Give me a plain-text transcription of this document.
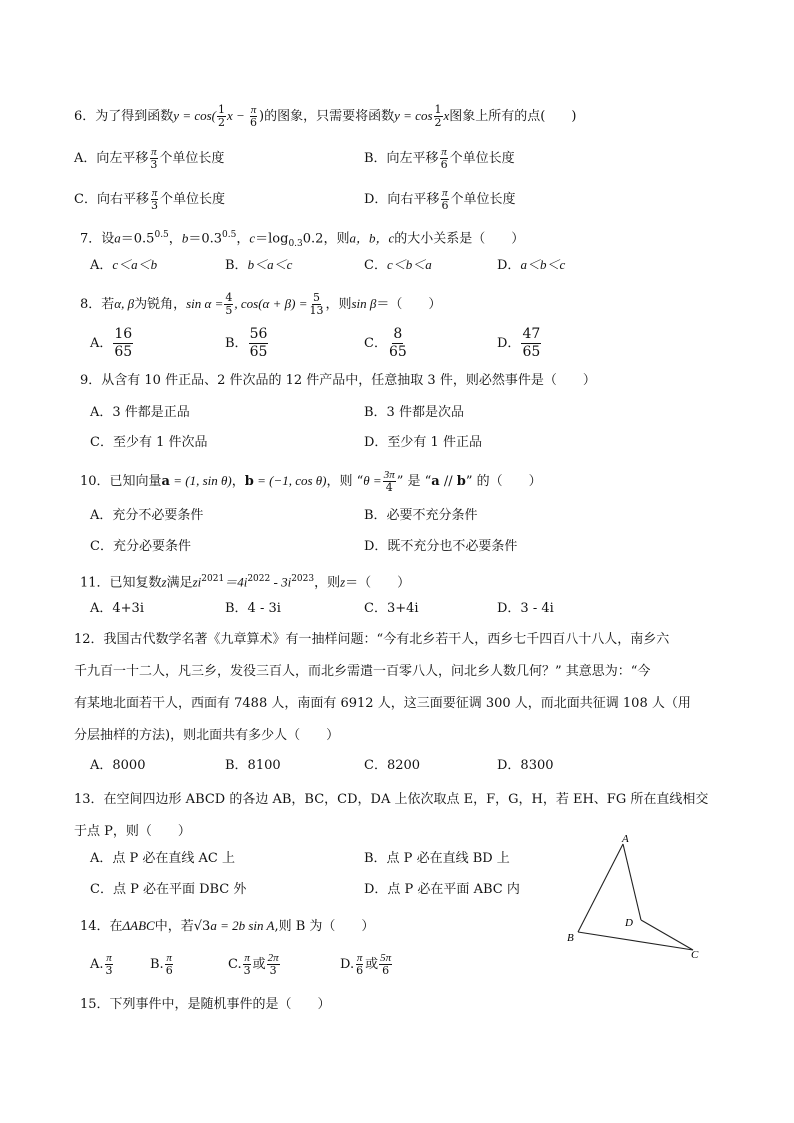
6．为了得到函数$y = \cos( \frac{1}{2}$ $x - \frac{\pi}{6}$ )的图象，只需要将函数$y = \cos \frac{1}{2}$ x图象上所有的点(　　)
A．向左平移 $\frac{\pi}{3}$ 个单位长度	B．向左平移 $\frac{\pi}{6}$ 个单位长度
C．向右平移 $\frac{\pi}{3}$ 个单位长度	D．向右平移 $\frac{\pi}{6}$ 个单位长度
7．设$a=0.5^{0.5}$，$b=0.3^{0.5}$，$c=\log_{0.3}0.2$，则a，b，c的大小关系是（　　）
A．c＜a＜b	B．b＜a＜c	C．c＜b＜a	D．a＜b＜c
8．若α, β为锐角，$\sin \alpha = \frac{4}{5}$ , $\cos(\alpha + \beta) = \frac{5}{13}$ ，则sin β＝（　　）
A． $\frac{16}{65}$	B． $\frac{56}{65}$	C． $\frac{8}{65}$	D． $\frac{47}{65}$
9．从含有 10 件正品、2 件次品的 12 件产品中，任意抽取 3 件，则必然事件是（　　）
A．3 件都是正品	B．3 件都是次品
C．至少有 1 件次品	D．至少有 1 件正品
10．已知向量a = (1, sin θ)，b = (−1, cos θ)，则 “$\theta = \frac{3\pi}{4}$ ” 是 “a // b” 的（　　）
A．充分不必要条件	B．必要不充分条件
C．充分必要条件	D．既不充分也不必要条件
11．已知复数z满足$zi^{2021}=4i^{2022} - 3i^{2023}$，则z＝（　　）
A．4+3i	B．4 - 3i	C．3+4i	D．3 - 4i
12．我国古代数学名著《九章算术》有一抽样问题：“今有北乡若干人，西乡七千四百八十八人，南乡六
千九百一十二人，凡三乡，发役三百人，而北乡需遣一百零八人，问北乡人数几何？” 其意思为：“今
有某地北面若干人，西面有 7488 人，南面有 6912 人，这三面要征调 300 人，而北面共征调 108 人（用
分层抽样的方法)，则北面共有多少人（　　）
A．8000	B．8100	C．8200	D．8300
13．在空间四边形 ABCD 的各边 AB，BC，CD，DA 上依次取点 E，F，G，H，若 EH、FG 所在直线相交
于点 P，则（　　）
A．点 P 必在直线 AC 上	B．点 P 必在直线 BD 上
C．点 P 必在平面 DBC 外	D．点 P 必在平面 ABC 内
A
B
C
D
14．在ΔABC中，若√3a = 2b sin A,则 B 为（　　）
A. $\frac{\pi}{3}$	B. $\frac{\pi}{6}$	C. $\frac{\pi}{3}$ 或 $\frac{2\pi}{3}$	D. $\frac{\pi}{6}$ 或 $\frac{5\pi}{6}$
15．下列事件中，是随机事件的是（　　）
